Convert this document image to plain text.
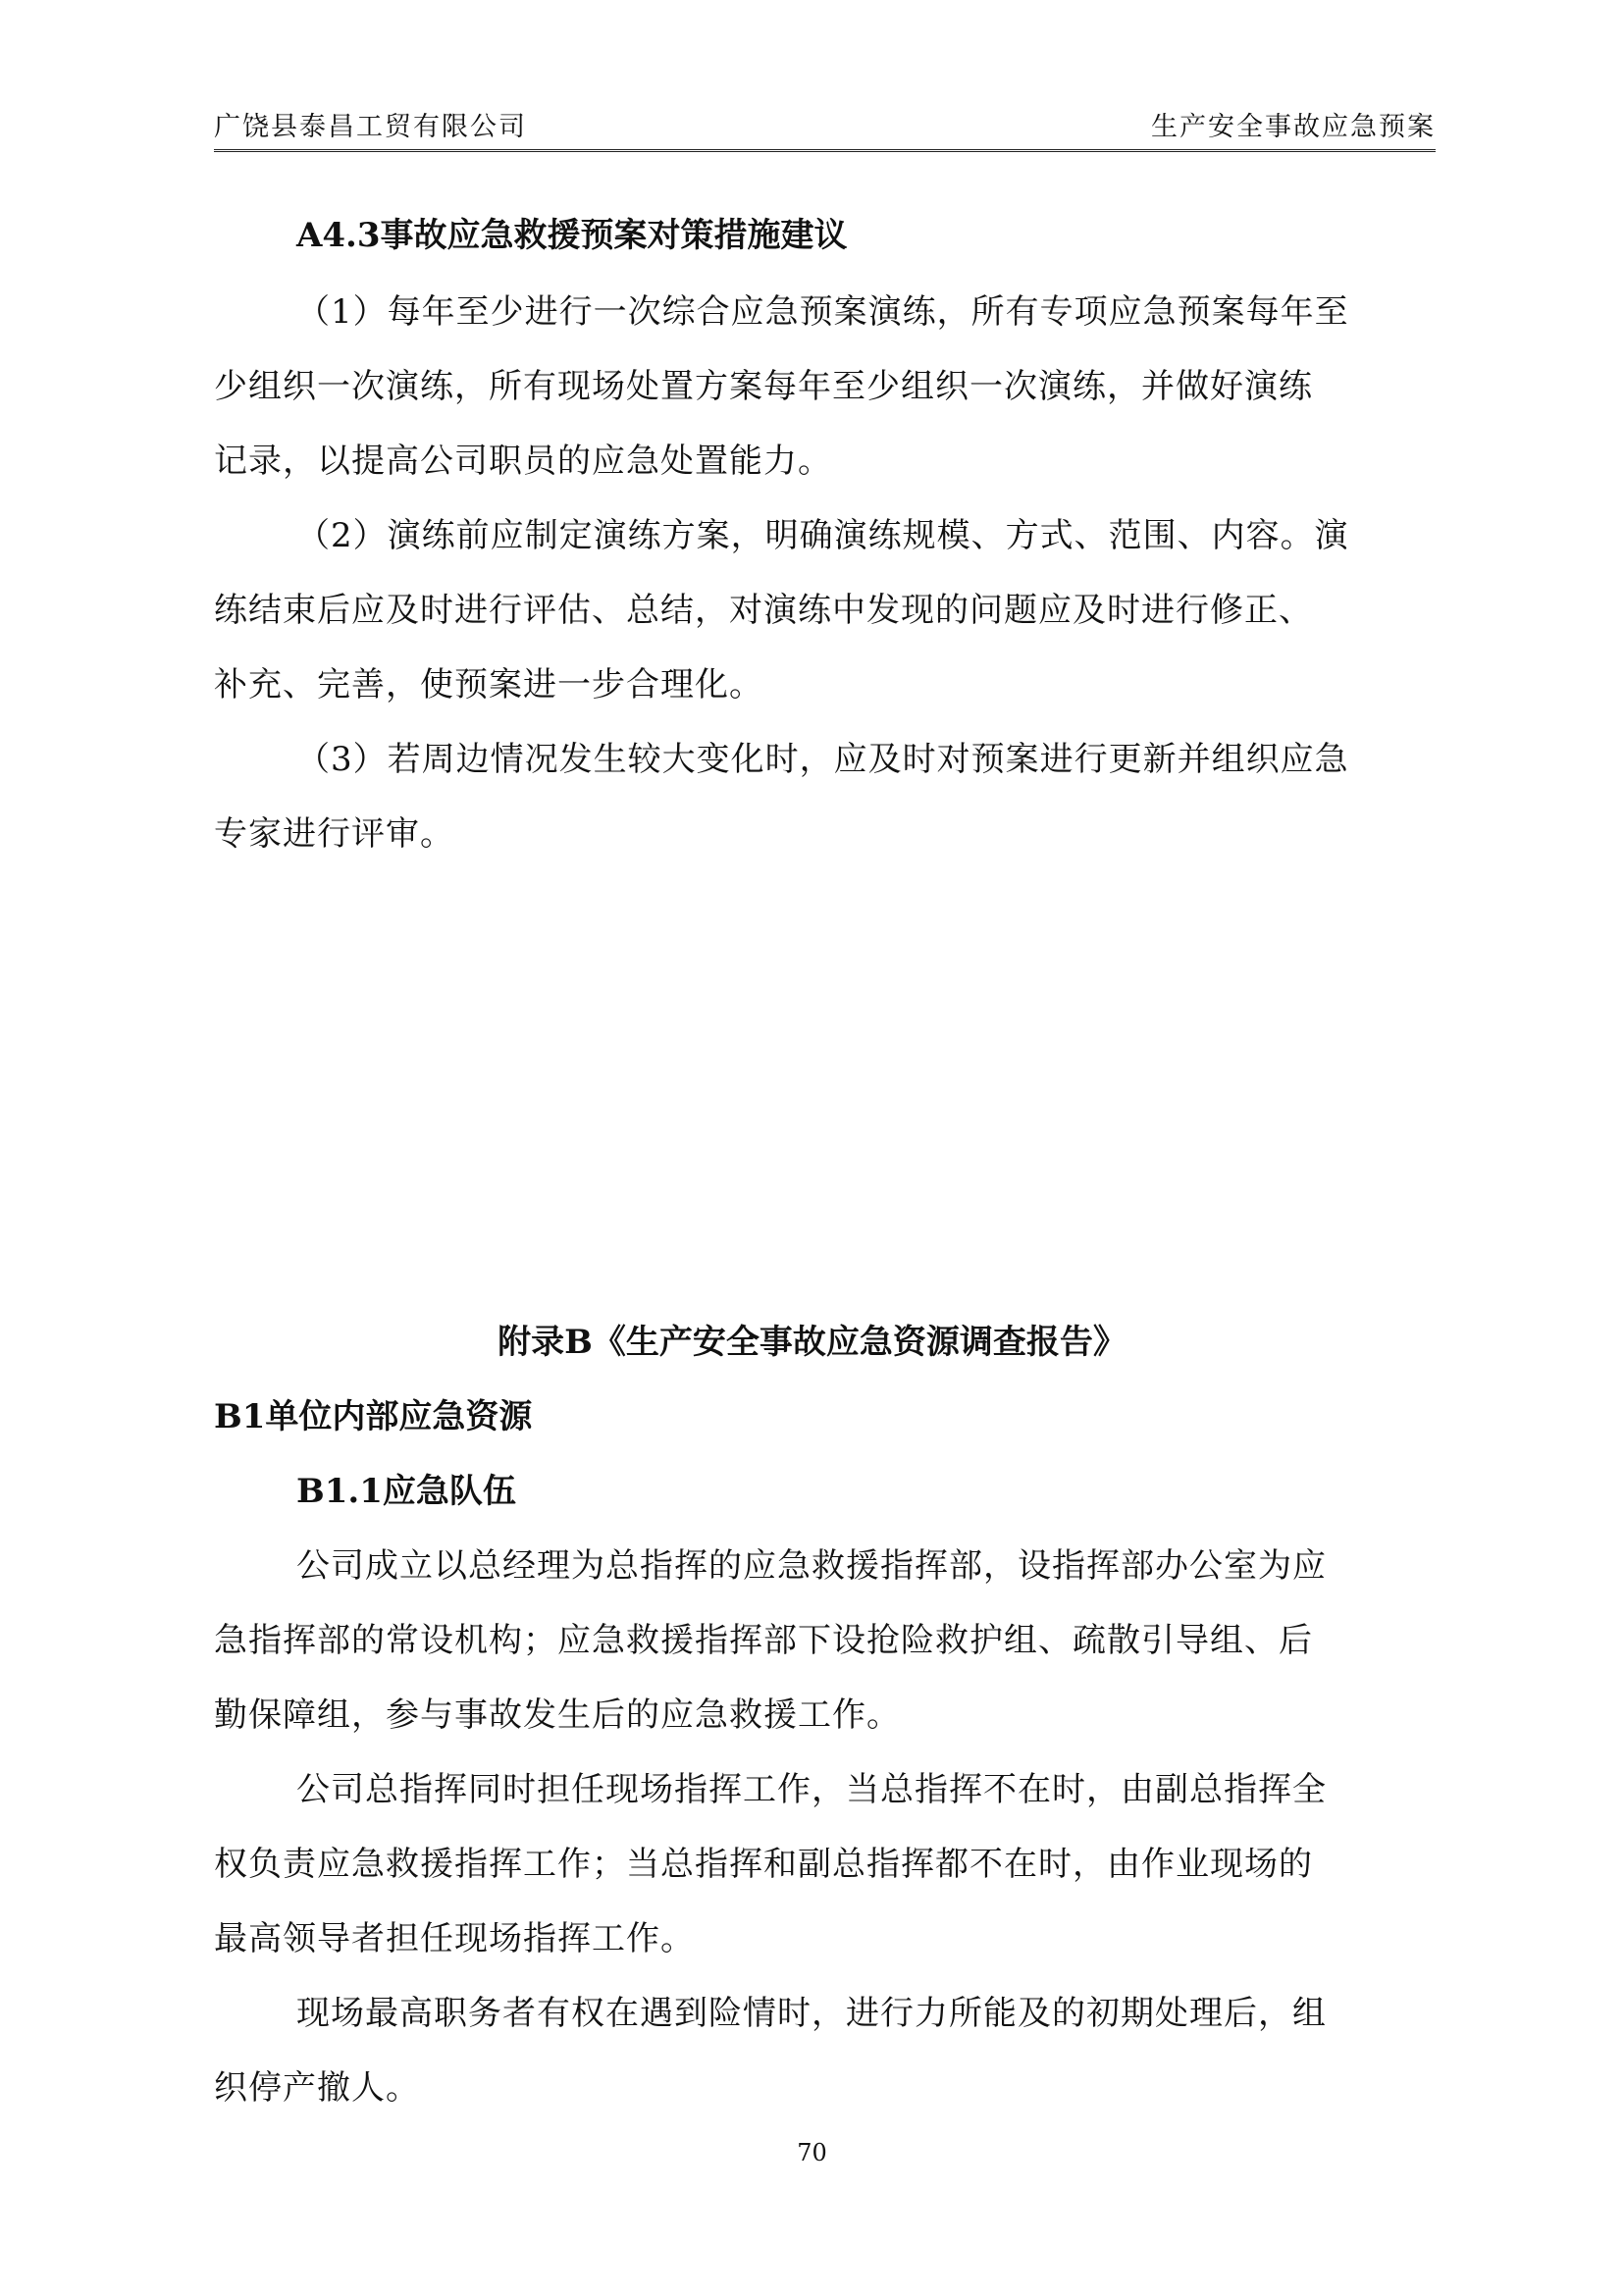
广饶县泰昌工贸有限公司	生产安全事故应急预案
A4.3事故应急救援预案对策措施建议
（1）每年至少进行一次综合应急预案演练，所有专项应急预案每年至
少组织一次演练，所有现场处置方案每年至少组织一次演练，并做好演练
记录，以提高公司职员的应急处置能力。
（2）演练前应制定演练方案，明确演练规模、方式、范围、内容。演
练结束后应及时进行评估、总结，对演练中发现的问题应及时进行修正、
补充、完善，使预案进一步合理化。
（3）若周边情况发生较大变化时，应及时对预案进行更新并组织应急
专家进行评审。
附录B《生产安全事故应急资源调查报告》
B1单位内部应急资源
B1.1应急队伍
公司成立以总经理为总指挥的应急救援指挥部，设指挥部办公室为应
急指挥部的常设机构；应急救援指挥部下设抢险救护组、疏散引导组、后
勤保障组，参与事故发生后的应急救援工作。
公司总指挥同时担任现场指挥工作，当总指挥不在时，由副总指挥全
权负责应急救援指挥工作；当总指挥和副总指挥都不在时，由作业现场的
最高领导者担任现场指挥工作。
现场最高职务者有权在遇到险情时，进行力所能及的初期处理后，组
织停产撤人。
70
